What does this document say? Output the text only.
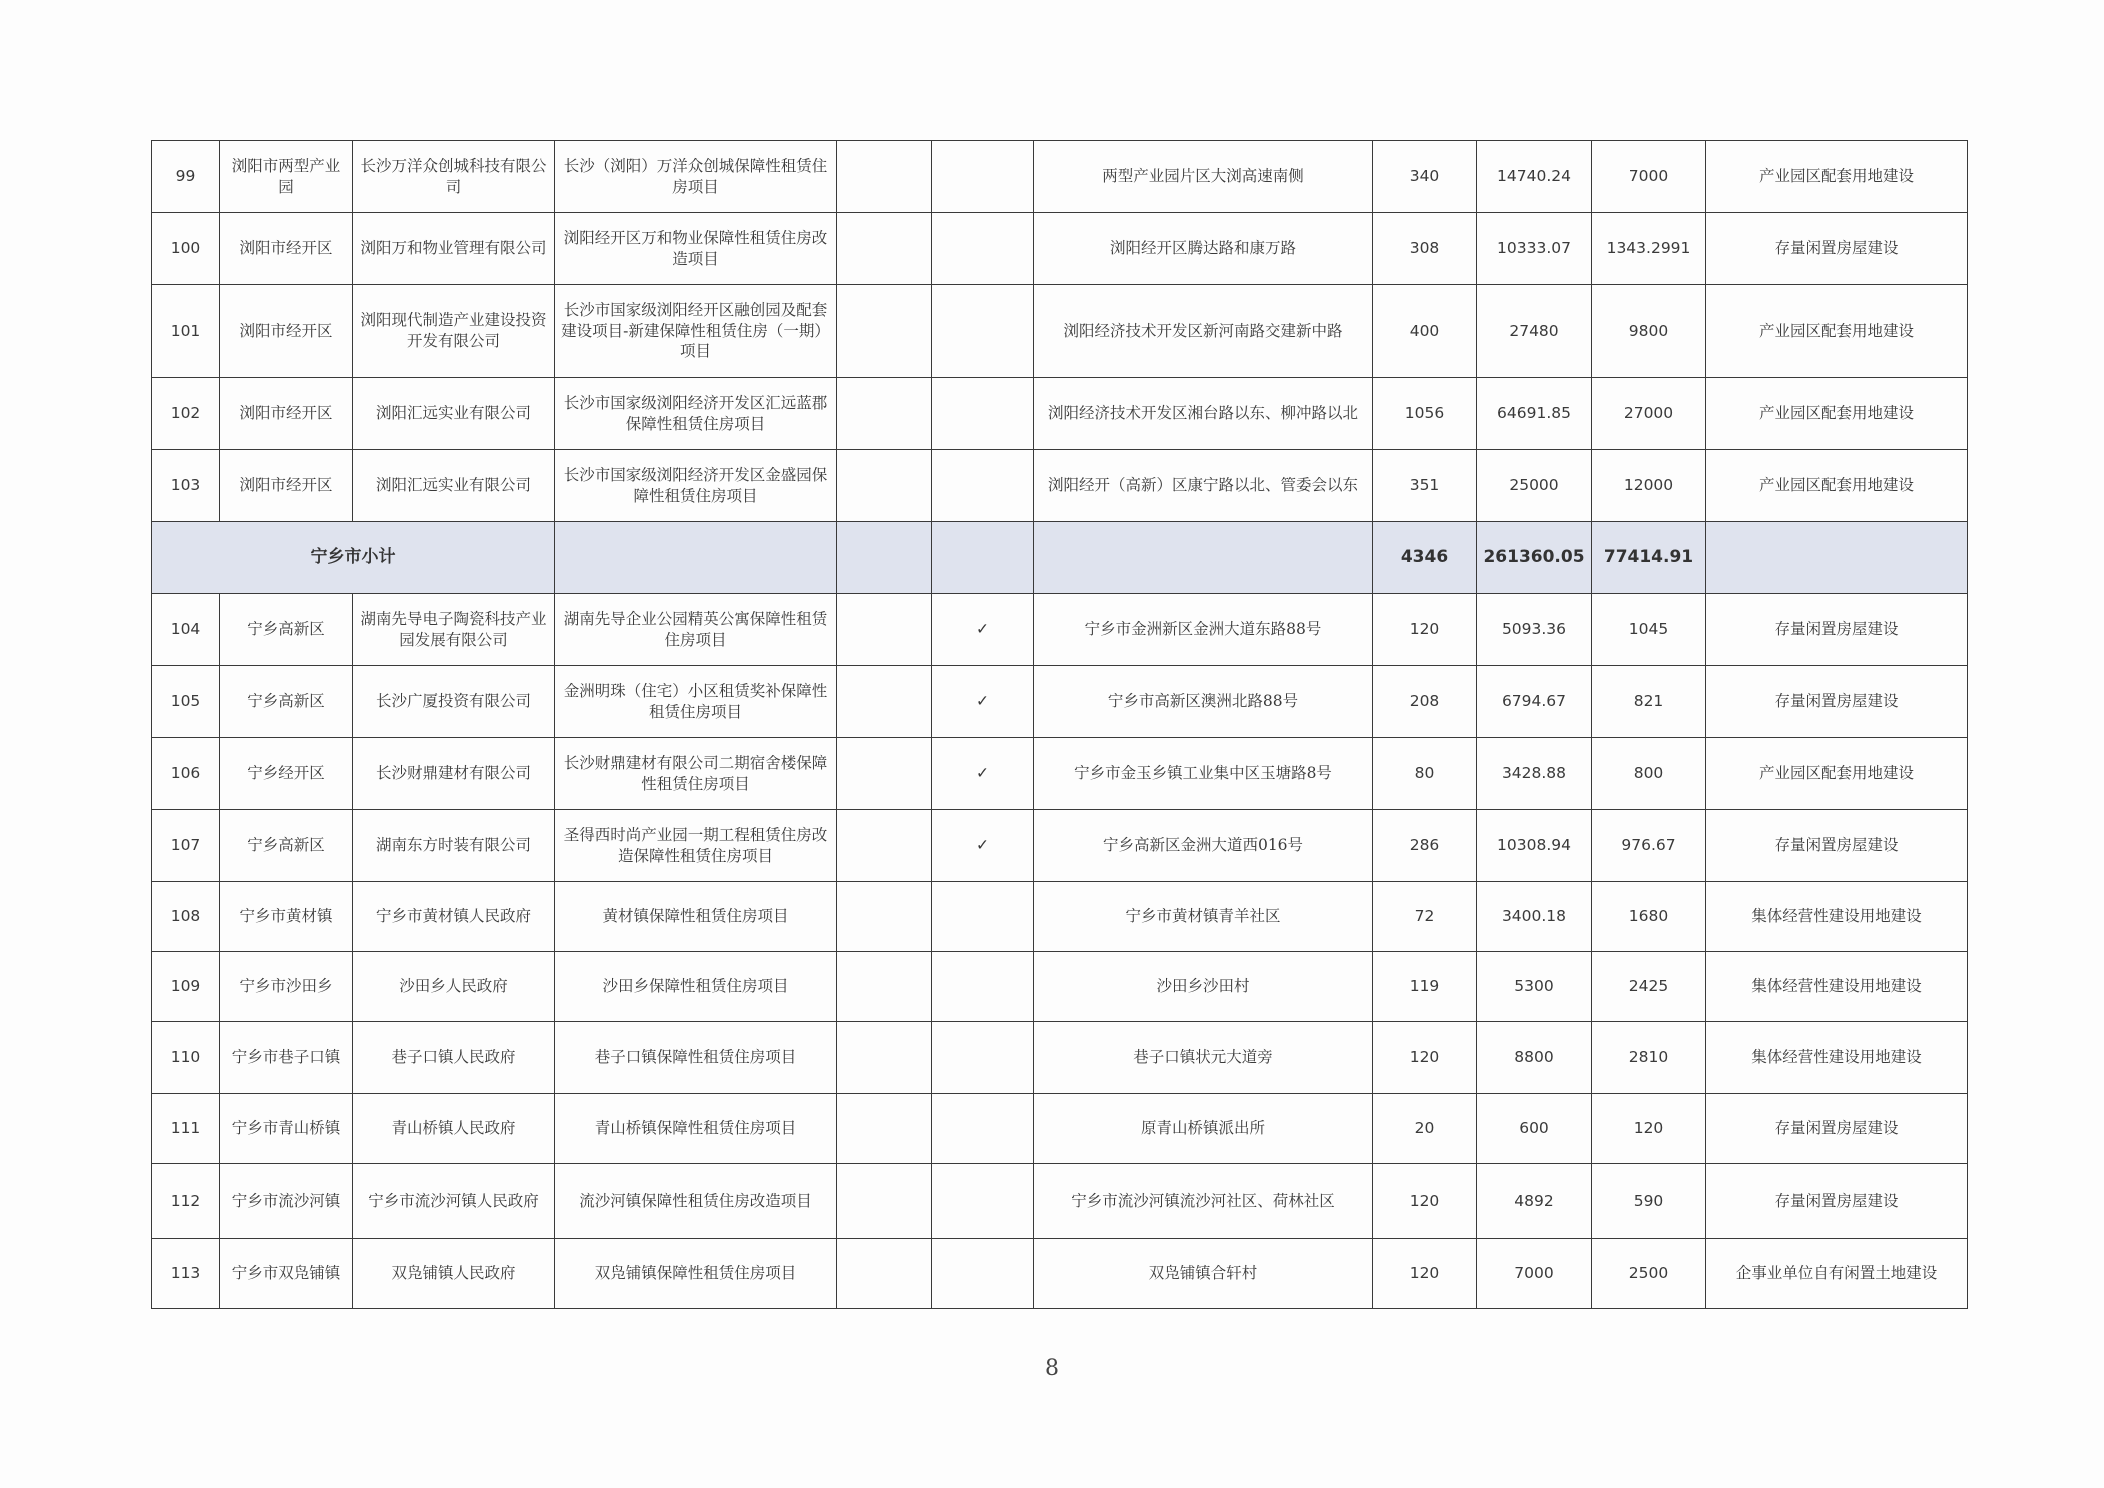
99	浏阳市两型产业园	长沙万洋众创城科技有限公司	长沙（浏阳）万洋众创城保障性租赁住房项目			两型产业园片区大浏高速南侧	340	14740.24	7000	产业园区配套用地建设
100	浏阳市经开区	浏阳万和物业管理有限公司	浏阳经开区万和物业保障性租赁住房改造项目			浏阳经开区腾达路和康万路	308	10333.07	1343.2991	存量闲置房屋建设
101	浏阳市经开区	浏阳现代制造产业建设投资开发有限公司	长沙市国家级浏阳经开区融创园及配套建设项目-新建保障性租赁住房（一期）项目			浏阳经济技术开发区新河南路交建新中路	400	27480	9800	产业园区配套用地建设
102	浏阳市经开区	浏阳汇远实业有限公司	长沙市国家级浏阳经济开发区汇远蓝郡保障性租赁住房项目			浏阳经济技术开发区湘台路以东、柳冲路以北	1056	64691.85	27000	产业园区配套用地建设
103	浏阳市经开区	浏阳汇远实业有限公司	长沙市国家级浏阳经济开发区金盛园保障性租赁住房项目			浏阳经开（高新）区康宁路以北、管委会以东	351	25000	12000	产业园区配套用地建设
宁乡市小计							4346	261360.05	77414.91	
104	宁乡高新区	湖南先导电子陶瓷科技产业园发展有限公司	湖南先导企业公园精英公寓保障性租赁住房项目		✓	宁乡市金洲新区金洲大道东路88号	120	5093.36	1045	存量闲置房屋建设
105	宁乡高新区	长沙广厦投资有限公司	金洲明珠（住宅）小区租赁奖补保障性租赁住房项目		✓	宁乡市高新区澳洲北路88号	208	6794.67	821	存量闲置房屋建设
106	宁乡经开区	长沙财鼎建材有限公司	长沙财鼎建材有限公司二期宿舍楼保障性租赁住房项目		✓	宁乡市金玉乡镇工业集中区玉塘路8号	80	3428.88	800	产业园区配套用地建设
107	宁乡高新区	湖南东方时装有限公司	圣得西时尚产业园一期工程租赁住房改造保障性租赁住房项目		✓	宁乡高新区金洲大道西016号	286	10308.94	976.67	存量闲置房屋建设
108	宁乡市黄材镇	宁乡市黄材镇人民政府	黄材镇保障性租赁住房项目			宁乡市黄材镇青羊社区	72	3400.18	1680	集体经营性建设用地建设
109	宁乡市沙田乡	沙田乡人民政府	沙田乡保障性租赁住房项目			沙田乡沙田村	119	5300	2425	集体经营性建设用地建设
110	宁乡市巷子口镇	巷子口镇人民政府	巷子口镇保障性租赁住房项目			巷子口镇状元大道旁	120	8800	2810	集体经营性建设用地建设
111	宁乡市青山桥镇	青山桥镇人民政府	青山桥镇保障性租赁住房项目			原青山桥镇派出所	20	600	120	存量闲置房屋建设
112	宁乡市流沙河镇	宁乡市流沙河镇人民政府	流沙河镇保障性租赁住房改造项目			宁乡市流沙河镇流沙河社区、荷林社区	120	4892	590	存量闲置房屋建设
113	宁乡市双凫铺镇	双凫铺镇人民政府	双凫铺镇保障性租赁住房项目			双凫铺镇合轩村	120	7000	2500	企事业单位自有闲置土地建设
8
